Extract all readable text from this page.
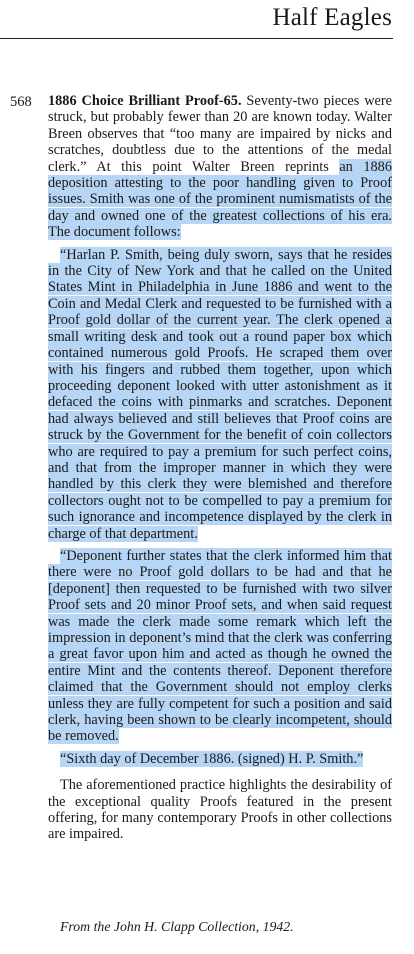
Half Eagles
568 1886 Choice Brilliant Proof-65. Seventy-two pieces were struck, but probably fewer than 20 are known today. Walter Breen observes that “too many are impaired by nicks and scratches, doubtless due to the attentions of the medal clerk.” At this point Walter Breen reprints an 1886 deposition attesting to the poor handling given to Proof issues. Smith was one of the prominent numismatists of the day and owned one of the greatest collections of his era. The document follows:

“Harlan P. Smith, being duly sworn, says that he resides in the City of New York and that he called on the United States Mint in Philadelphia in June 1886 and went to the Coin and Medal Clerk and requested to be furnished with a Proof gold dollar of the current year. The clerk opened a small writing desk and took out a round paper box which contained numerous gold Proofs. He scraped them over with his fingers and rubbed them together, upon which proceeding deponent looked with utter astonishment as it defaced the coins with pinmarks and scratches. Deponent had always believed and still believes that Proof coins are struck by the Government for the benefit of coin collectors who are required to pay a premium for such perfect coins, and that from the improper manner in which they were handled by this clerk they were blemished and therefore collectors ought not to be compelled to pay a premium for such ignorance and incompetence displayed by the clerk in charge of that department.

“Deponent further states that the clerk informed him that there were no Proof gold dollars to be had and that he [deponent] then requested to be furnished with two silver Proof sets and 20 minor Proof sets, and when said request was made the clerk made some remark which left the impression in deponent’s mind that the clerk was conferring a great favor upon him and acted as though he owned the entire Mint and the contents thereof. Deponent therefore claimed that the Government should not employ clerks unless they are fully competent for such a position and said clerk, having been shown to be clearly incompetent, should be removed.

“Sixth day of December 1886. (signed) H. P. Smith.”

The aforementioned practice highlights the desirability of the exceptional quality Proofs featured in the present offering, for many contemporary Proofs in other collections are impaired.

From the John H. Clapp Collection, 1942.
